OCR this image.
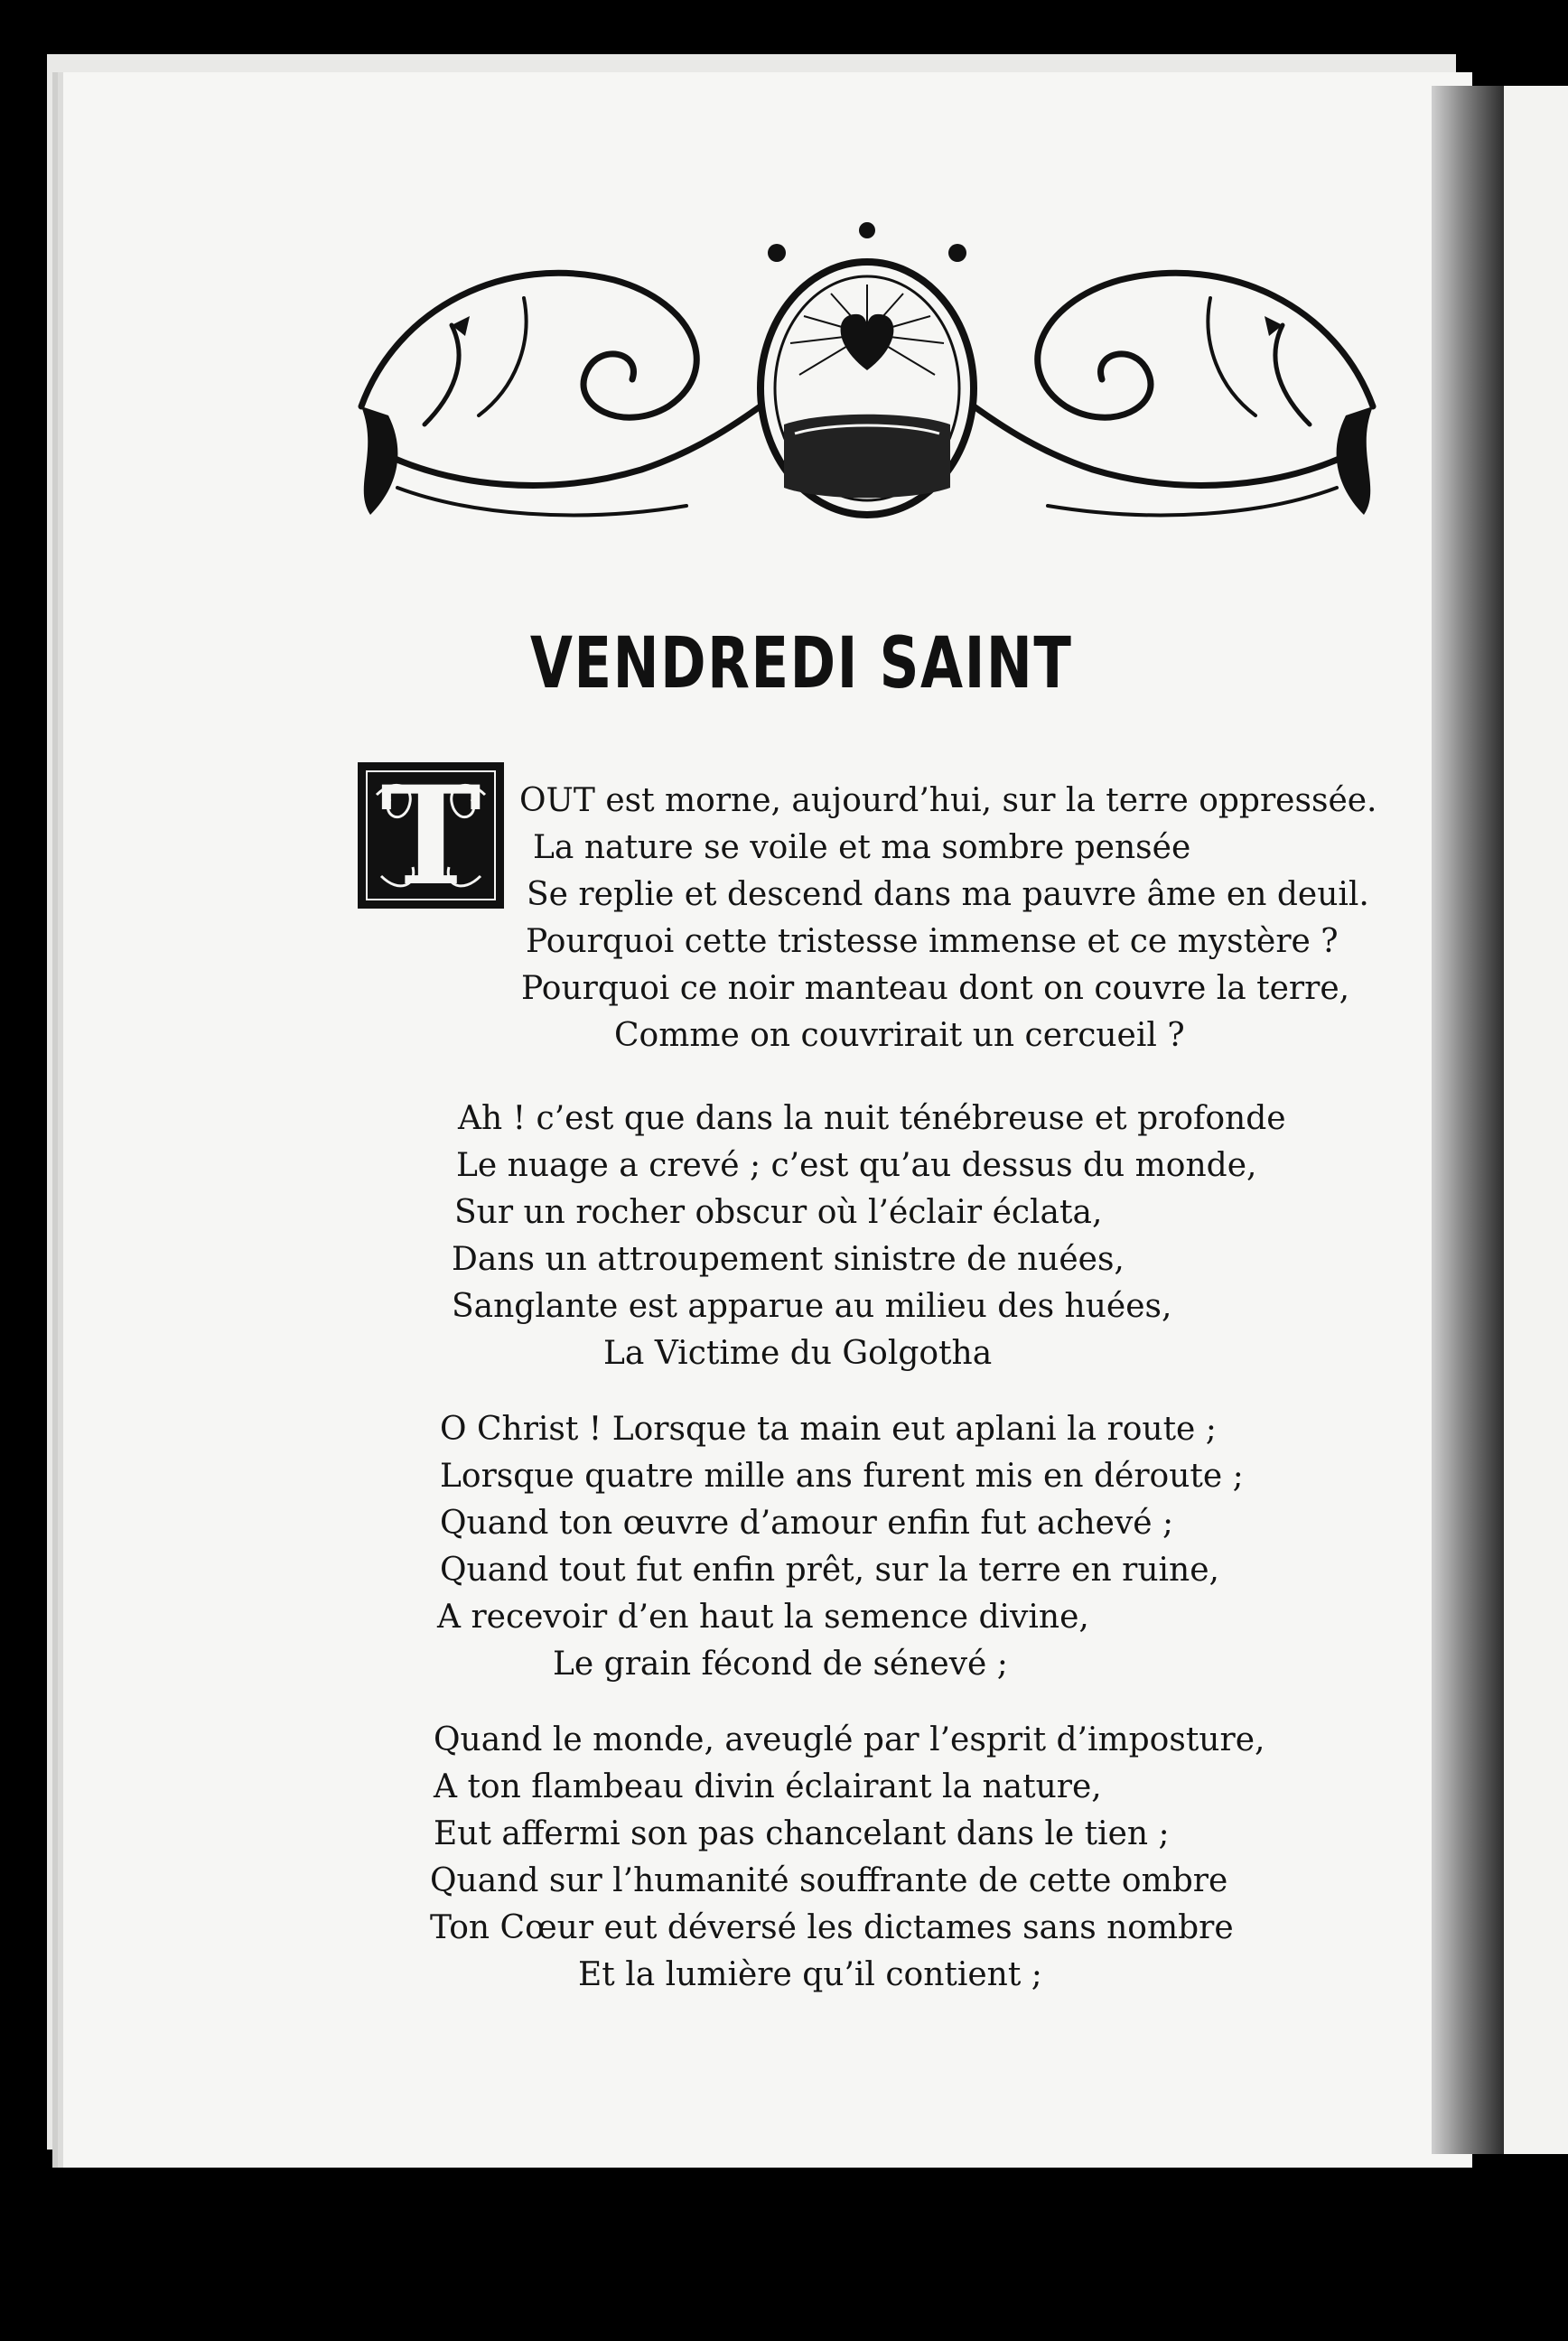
VENDREDI SAINT
T OUT est morne, aujourd’hui, sur la terre oppressée.
La nature se voile et ma sombre pensée
Se replie et descend dans ma pauvre âme en deuil.
Pourquoi cette tristesse immense et ce mystère ?
Pourquoi ce noir manteau dont on couvre la terre,
Comme on couvrirait un cercueil ?
Ah ! c’est que dans la nuit ténébreuse et profonde
Le nuage a crevé ; c’est qu’au dessus du monde,
Sur un rocher obscur où l’éclair éclata,
Dans un attroupement sinistre de nuées,
Sanglante est apparue au milieu des huées,
La Victime du Golgotha
O Christ ! Lorsque ta main eut aplani la route ;
Lorsque quatre mille ans furent mis en déroute ;
Quand ton œuvre d’amour enfin fut achevé ;
Quand tout fut enfin prêt, sur la terre en ruine,
A recevoir d’en haut la semence divine,
Le grain fécond de sénevé ;
Quand le monde, aveuglé par l’esprit d’imposture,
A ton flambeau divin éclairant la nature,
Eut affermi son pas chancelant dans le tien ;
Quand sur l’humanité souffrante de cette ombre
Ton Cœur eut déversé les dictames sans nombre
Et la lumière qu’il contient ;
